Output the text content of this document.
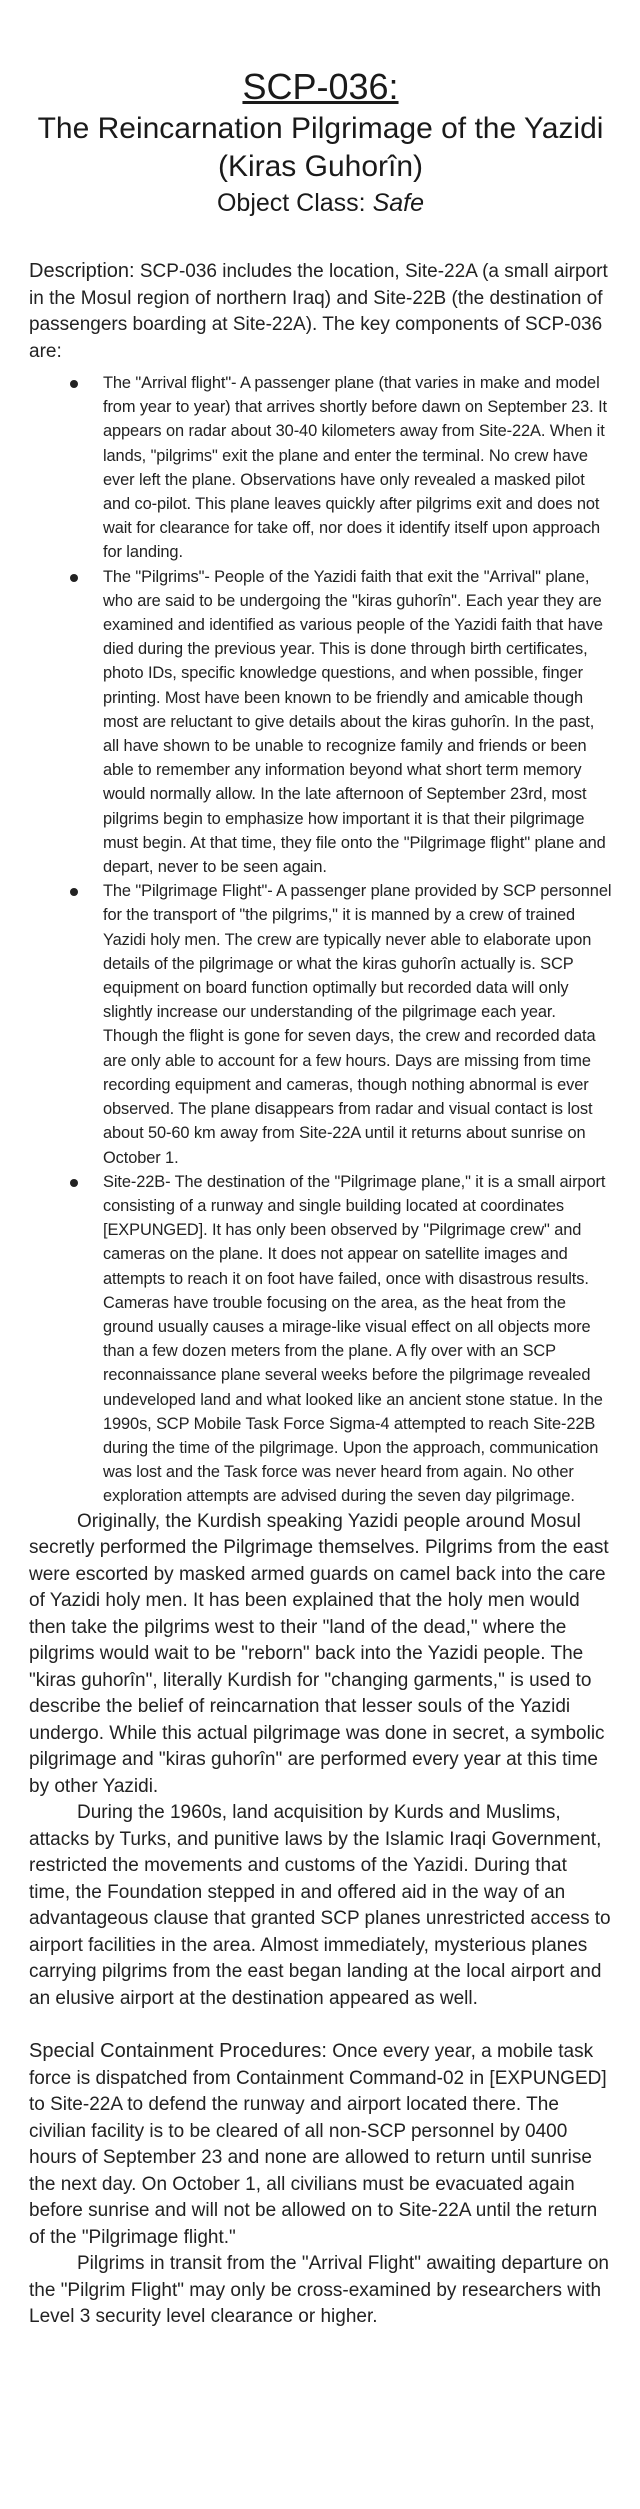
SCP-036:

The Reincarnation Pilgrimage of the Yazidi

(Kiras Guhorîn)

Object Class: Safe

Description: SCP-036 includes the location, Site-22A (a small airport in the Mosul region of northern Iraq) and Site-22B (the destination of passengers boarding at Site-22A). The key components of SCP-036 are:

The "Arrival flight"- A passenger plane (that varies in make and model from year to year) that arrives shortly before dawn on September 23. It appears on radar about 30-40 kilometers away from Site-22A. When it lands, "pilgrims" exit the plane and enter the terminal. No crew have ever left the plane. Observations have only revealed a masked pilot and co-pilot. This plane leaves quickly after pilgrims exit and does not wait for clearance for take off, nor does it identify itself upon approach for landing.
The "Pilgrims"- People of the Yazidi faith that exit the "Arrival" plane, who are said to be undergoing the "kiras guhorîn". Each year they are examined and identified as various people of the Yazidi faith that have died during the previous year. This is done through birth certificates, photo IDs, specific knowledge questions, and when possible, finger printing. Most have been known to be friendly and amicable though most are reluctant to give details about the kiras guhorîn. In the past, all have shown to be unable to recognize family and friends or been able to remember any information beyond what short term memory would normally allow. In the late afternoon of September 23rd, most pilgrims begin to emphasize how important it is that their pilgrimage must begin. At that time, they file onto the "Pilgrimage flight" plane and depart, never to be seen again.
The "Pilgrimage Flight"- A passenger plane provided by SCP personnel for the transport of "the pilgrims," it is manned by a crew of trained Yazidi holy men. The crew are typically never able to elaborate upon details of the pilgrimage or what the kiras guhorîn actually is. SCP equipment on board function optimally but recorded data will only slightly increase our understanding of the pilgrimage each year. Though the flight is gone for seven days, the crew and recorded data are only able to account for a few hours. Days are missing from time recording equipment and cameras, though nothing abnormal is ever observed. The plane disappears from radar and visual contact is lost about 50-60 km away from Site-22A until it returns about sunrise on October 1.
Site-22B- The destination of the "Pilgrimage plane," it is a small airport consisting of a runway and single building located at coordinates [EXPUNGED]. It has only been observed by "Pilgrimage crew" and cameras on the plane. It does not appear on satellite images and attempts to reach it on foot have failed, once with disastrous results. Cameras have trouble focusing on the area, as the heat from the ground usually causes a mirage-like visual effect on all objects more than a few dozen meters from the plane. A fly over with an SCP reconnaissance plane several weeks before the pilgrimage revealed undeveloped land and what looked like an ancient stone statue. In the 1990s, SCP Mobile Task Force Sigma-4 attempted to reach Site-22B during the time of the pilgrimage. Upon the approach, communication was lost and the Task force was never heard from again. No other exploration attempts are advised during the seven day pilgrimage.

Originally, the Kurdish speaking Yazidi people around Mosul secretly performed the Pilgrimage themselves. Pilgrims from the east were escorted by masked armed guards on camel back into the care of Yazidi holy men. It has been explained that the holy men would then take the pilgrims west to their "land of the dead," where the pilgrims would wait to be "reborn" back into the Yazidi people. The "kiras guhorîn", literally Kurdish for "changing garments," is used to describe the belief of reincarnation that lesser souls of the Yazidi undergo. While this actual pilgrimage was done in secret, a symbolic pilgrimage and "kiras guhorîn" are performed every year at this time by other Yazidi.

During the 1960s, land acquisition by Kurds and Muslims, attacks by Turks, and punitive laws by the Islamic Iraqi Government, restricted the movements and customs of the Yazidi. During that time, the Foundation stepped in and offered aid in the way of an advantageous clause that granted SCP planes unrestricted access to airport facilities in the area. Almost immediately, mysterious planes carrying pilgrims from the east began landing at the local airport and an elusive airport at the destination appeared as well.

Special Containment Procedures: Once every year, a mobile task force is dispatched from Containment Command-02 in [EXPUNGED] to Site-22A to defend the runway and airport located there. The civilian facility is to be cleared of all non-SCP personnel by 0400 hours of September 23 and none are allowed to return until sunrise the next day. On October 1, all civilians must be evacuated again before sunrise and will not be allowed on to Site-22A until the return of the "Pilgrimage flight."

Pilgrims in transit from the "Arrival Flight" awaiting departure on the "Pilgrim Flight" may only be cross-examined by researchers with Level 3 security level clearance or higher.
